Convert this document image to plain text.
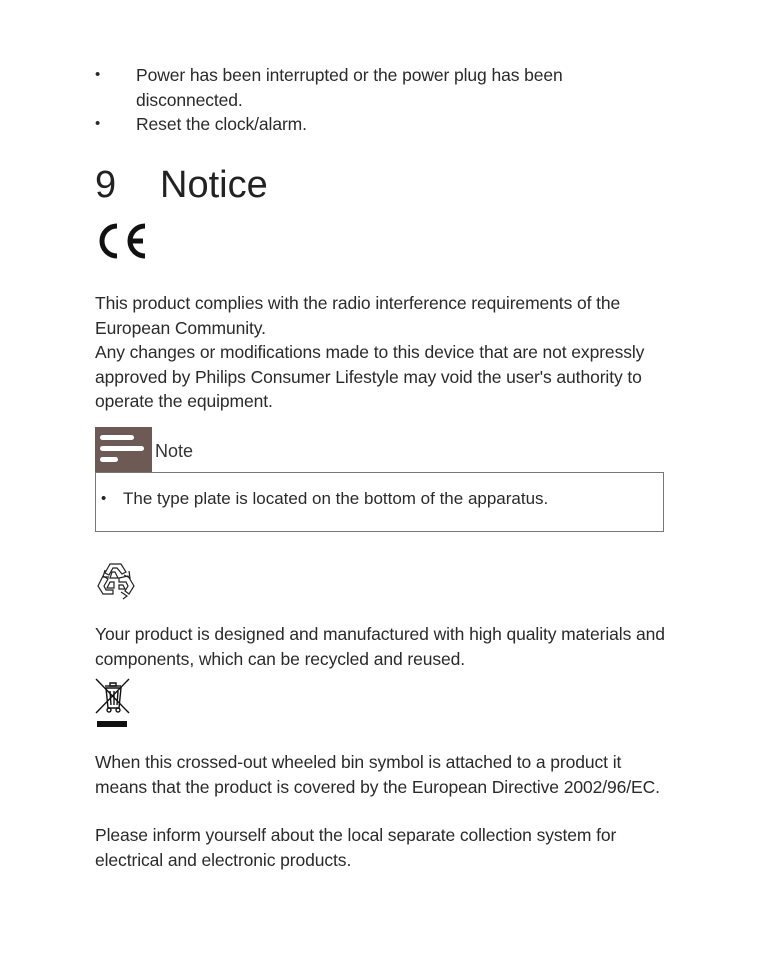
• Power has been interrupted or the power plug has been disconnected.
• Reset the clock/alarm.
9 Notice
This product complies with the radio interference requirements of the European Community.
Any changes or modifications made to this device that are not expressly approved by Philips Consumer Lifestyle may void the user's authority to operate the equipment.
Note
• The type plate is located on the bottom of the apparatus.
Your product is designed and manufactured with high quality materials and components, which can be recycled and reused.
When this crossed-out wheeled bin symbol is attached to a product it means that the product is covered by the European Directive 2002/96/EC.
Please inform yourself about the local separate collection system for electrical and electronic products.
